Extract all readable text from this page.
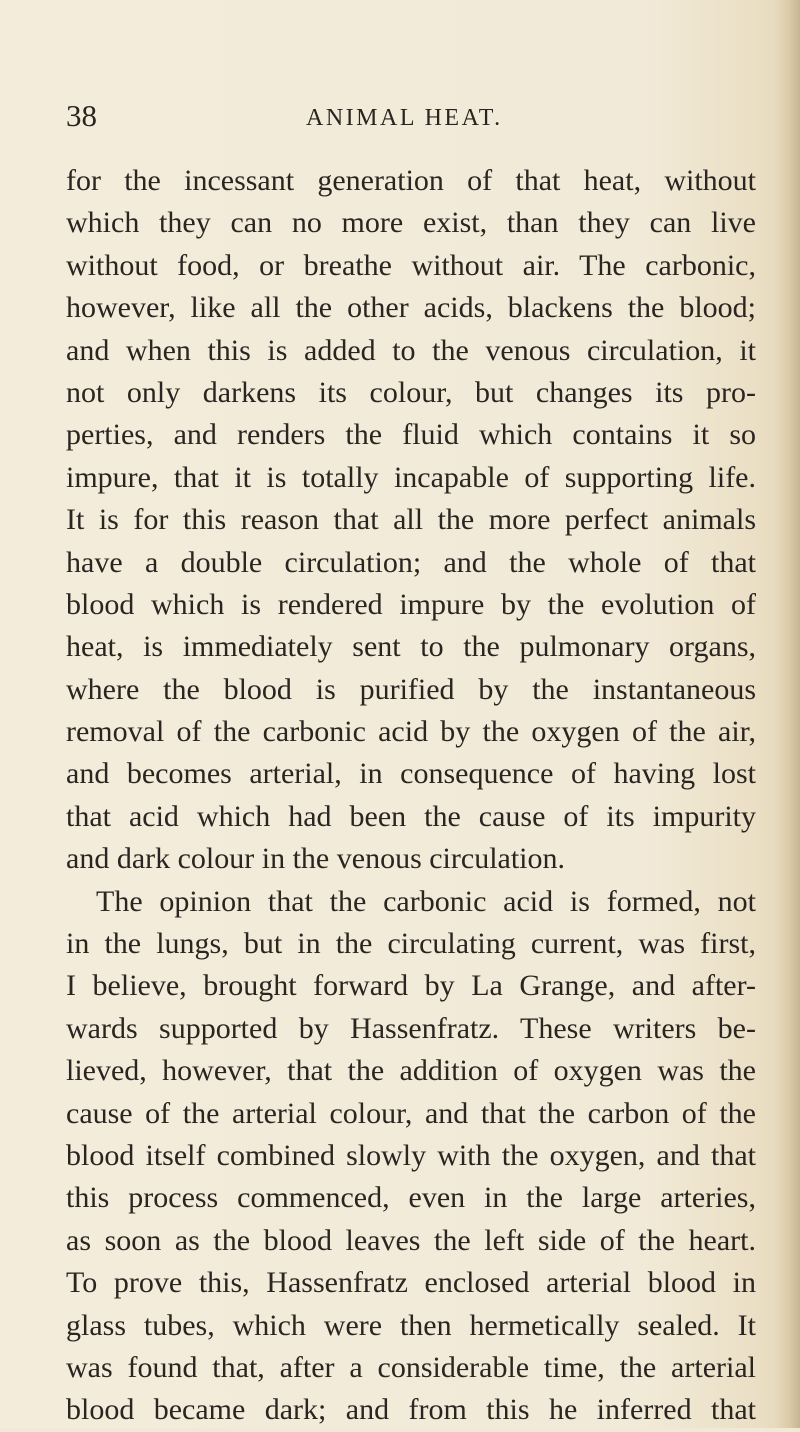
38	ANIMAL HEAT.
for the incessant generation of that heat, without
which they can no more exist, than they can live
without food, or breathe without air. The carbonic,
however, like all the other acids, blackens the blood;
and when this is added to the venous circulation, it
not only darkens its colour, but changes its pro-
perties, and renders the fluid which contains it so
impure, that it is totally incapable of supporting life.
It is for this reason that all the more perfect animals
have a double circulation; and the whole of that
blood which is rendered impure by the evolution of
heat, is immediately sent to the pulmonary organs,
where the blood is purified by the instantaneous
removal of the carbonic acid by the oxygen of the air,
and becomes arterial, in consequence of having lost
that acid which had been the cause of its impurity
and dark colour in the venous circulation.
The opinion that the carbonic acid is formed, not
in the lungs, but in the circulating current, was first,
I believe, brought forward by La Grange, and after-
wards supported by Hassenfratz. These writers be-
lieved, however, that the addition of oxygen was the
cause of the arterial colour, and that the carbon of the
blood itself combined slowly with the oxygen, and that
this process commenced, even in the large arteries,
as soon as the blood leaves the left side of the heart.
To prove this, Hassenfratz enclosed arterial blood in
glass tubes, which were then hermetically sealed. It
was found that, after a considerable time, the arterial
blood became dark; and from this he inferred that
